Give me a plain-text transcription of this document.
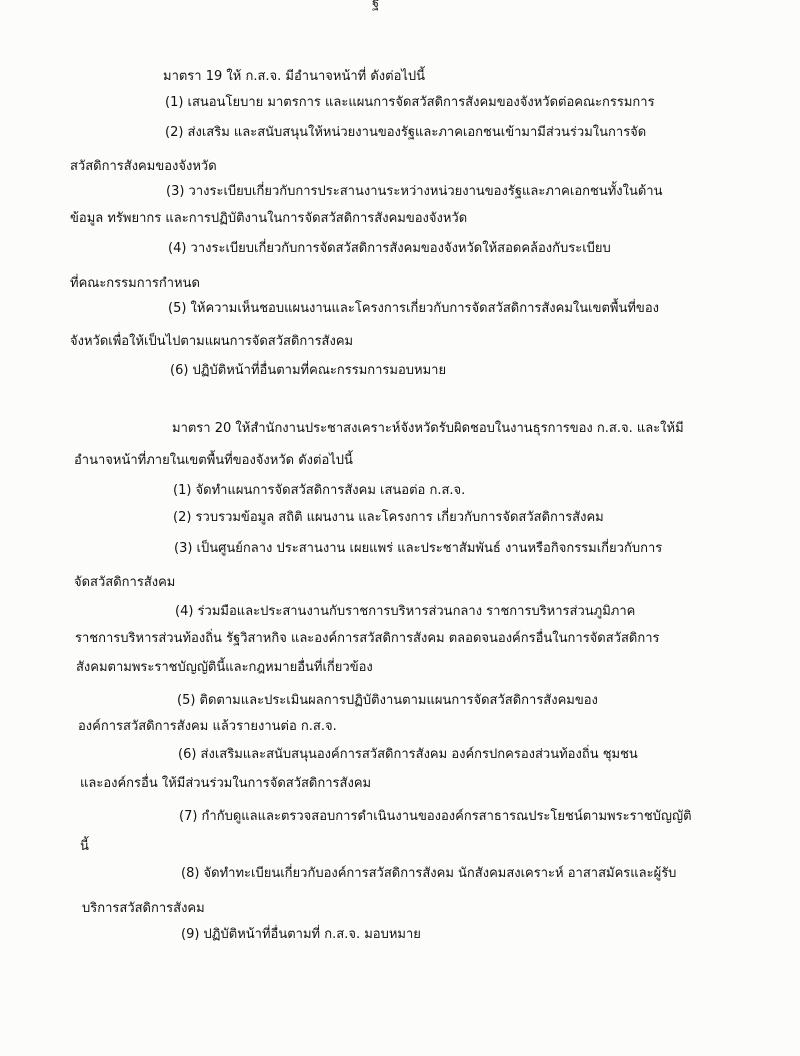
ฐ
มาตรา 19 ให้ ก.ส.จ. มีอำนาจหน้าที่ ดังต่อไปนี้
(1) เสนอนโยบาย มาตรการ และแผนการจัดสวัสดิการสังคมของจังหวัดต่อคณะกรรมการ
(2) ส่งเสริม และสนับสนุนให้หน่วยงานของรัฐและภาคเอกชนเข้ามามีส่วนร่วมในการจัด
สวัสดิการสังคมของจังหวัด
(3) วางระเบียบเกี่ยวกับการประสานงานระหว่างหน่วยงานของรัฐและภาคเอกชนทั้งในด้าน
ข้อมูล ทรัพยากร และการปฏิบัติงานในการจัดสวัสดิการสังคมของจังหวัด
(4) วางระเบียบเกี่ยวกับการจัดสวัสดิการสังคมของจังหวัดให้สอดคล้องกับระเบียบ
ที่คณะกรรมการกำหนด
(5) ให้ความเห็นชอบแผนงานและโครงการเกี่ยวกับการจัดสวัสดิการสังคมในเขตพื้นที่ของ
จังหวัดเพื่อให้เป็นไปตามแผนการจัดสวัสดิการสังคม
(6) ปฏิบัติหน้าที่อื่นตามที่คณะกรรมการมอบหมาย
มาตรา 20 ให้สำนักงานประชาสงเคราะห์จังหวัดรับผิดชอบในงานธุรการของ ก.ส.จ. และให้มี
อำนาจหน้าที่ภายในเขตพื้นที่ของจังหวัด ดังต่อไปนี้
(1) จัดทำแผนการจัดสวัสดิการสังคม เสนอต่อ ก.ส.จ.
(2) รวบรวมข้อมูล สถิติ แผนงาน และโครงการ เกี่ยวกับการจัดสวัสดิการสังคม
(3) เป็นศูนย์กลาง ประสานงาน เผยแพร่ และประชาสัมพันธ์ งานหรือกิจกรรมเกี่ยวกับการ
จัดสวัสดิการสังคม
(4) ร่วมมือและประสานงานกับราชการบริหารส่วนกลาง ราชการบริหารส่วนภูมิภาค
ราชการบริหารส่วนท้องถิ่น รัฐวิสาหกิจ และองค์การสวัสดิการสังคม ตลอดจนองค์กรอื่นในการจัดสวัสดิการ
สังคมตามพระราชบัญญัตินี้และกฎหมายอื่นที่เกี่ยวข้อง
(5) ติดตามและประเมินผลการปฏิบัติงานตามแผนการจัดสวัสดิการสังคมของ
องค์การสวัสดิการสังคม แล้วรายงานต่อ ก.ส.จ.
(6) ส่งเสริมและสนับสนุนองค์การสวัสดิการสังคม องค์กรปกครองส่วนท้องถิ่น ชุมชน
และองค์กรอื่น ให้มีส่วนร่วมในการจัดสวัสดิการสังคม
(7) กำกับดูแลและตรวจสอบการดำเนินงานขององค์กรสาธารณประโยชน์ตามพระราชบัญญัติ
นี้
(8) จัดทำทะเบียนเกี่ยวกับองค์การสวัสดิการสังคม นักสังคมสงเคราะห์ อาสาสมัครและผู้รับ
บริการสวัสดิการสังคม
(9) ปฏิบัติหน้าที่อื่นตามที่ ก.ส.จ. มอบหมาย
